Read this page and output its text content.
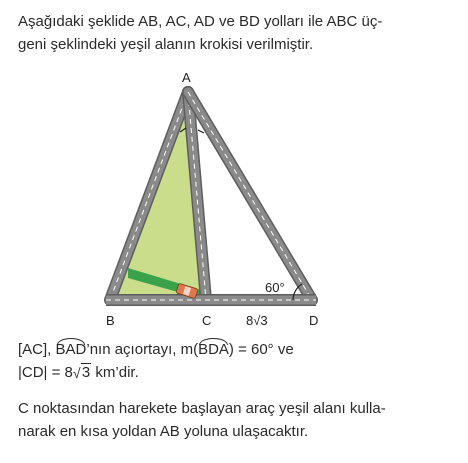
Aşağıdaki şeklide AB, AC, AD ve BD yolları ile ABC üç-

geni şeklindeki yeşil alanın krokisi verilmiştir.

A
B	C	D
8√3
60°
[AC], BAD’nın açıortayı, m(BDA) = 60° ve
|CD| = 8 √ 3 km’dir.

C noktasından harekete başlayan araç yeşil alanı kulla-

narak en kısa yoldan AB yoluna ulaşacaktır.
